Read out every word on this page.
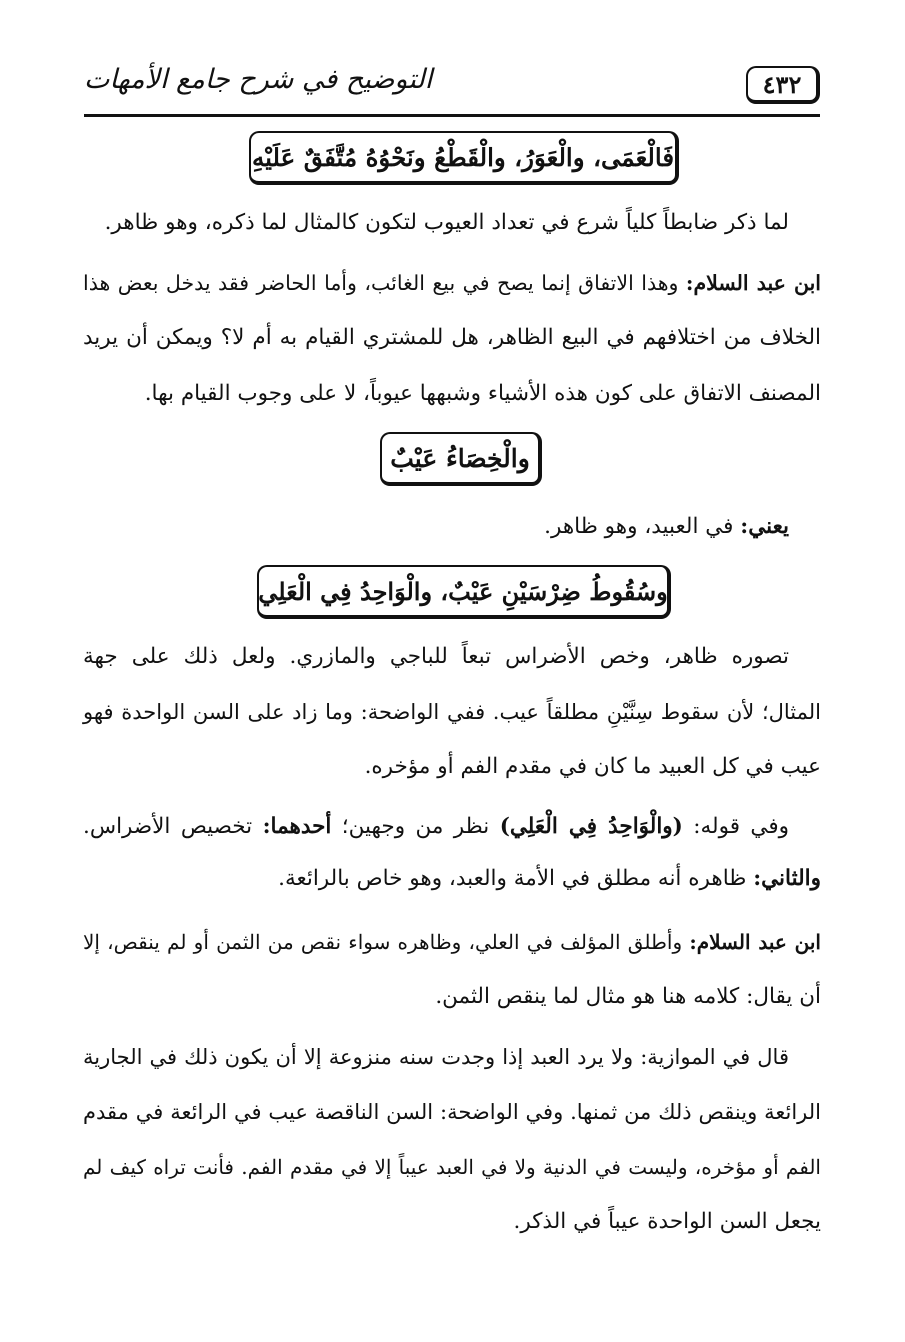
٤٣٢
التوضيح في شرح جامع الأمهات
فَالْعَمَى، والْعَوَرُ، والْقَطْعُ ونَحْوُهُ مُتَّفَقٌ عَلَيْهِ
لما ذكر ضابطاً كلياً شرع في تعداد العيوب لتكون كالمثال لما ذكره، وهو ظاهر.
ابن عبد السلام: وهذا الاتفاق إنما يصح في بيع الغائب، وأما الحاضر فقد يدخل بعض هذا
الخلاف من اختلافهم في البيع الظاهر، هل للمشتري القيام به أم لا؟ ويمكن أن يريد
المصنف الاتفاق على كون هذه الأشياء وشبهها عيوباً، لا على وجوب القيام بها.
والْخِصَاءُ عَيْبٌ
يعني: في العبيد، وهو ظاهر.
وسُقُوطُ ضِرْسَيْنِ عَيْبٌ، والْوَاحِدُ فِي الْعَلِي
تصوره ظاهر، وخص الأضراس تبعاً للباجي والمازري. ولعل ذلك على جهة
المثال؛ لأن سقوط سِنَّيْنِ مطلقاً عيب. ففي الواضحة: وما زاد على السن الواحدة فهو
عيب في كل العبيد ما كان في مقدم الفم أو مؤخره.
وفي قوله: (والْوَاحِدُ فِي الْعَلِي) نظر من وجهين؛ أحدهما: تخصيص الأضراس.
والثاني: ظاهره أنه مطلق في الأمة والعبد، وهو خاص بالرائعة.
ابن عبد السلام: وأطلق المؤلف في العلي، وظاهره سواء نقص من الثمن أو لم ينقص، إلا
أن يقال: كلامه هنا هو مثال لما ينقص الثمن.
قال في الموازية: ولا يرد العبد إذا وجدت سنه منزوعة إلا أن يكون ذلك في الجارية
الرائعة وينقص ذلك من ثمنها. وفي الواضحة: السن الناقصة عيب في الرائعة في مقدم
الفم أو مؤخره، وليست في الدنية ولا في العبد عيباً إلا في مقدم الفم. فأنت تراه كيف لم
يجعل السن الواحدة عيباً في الذكر.
